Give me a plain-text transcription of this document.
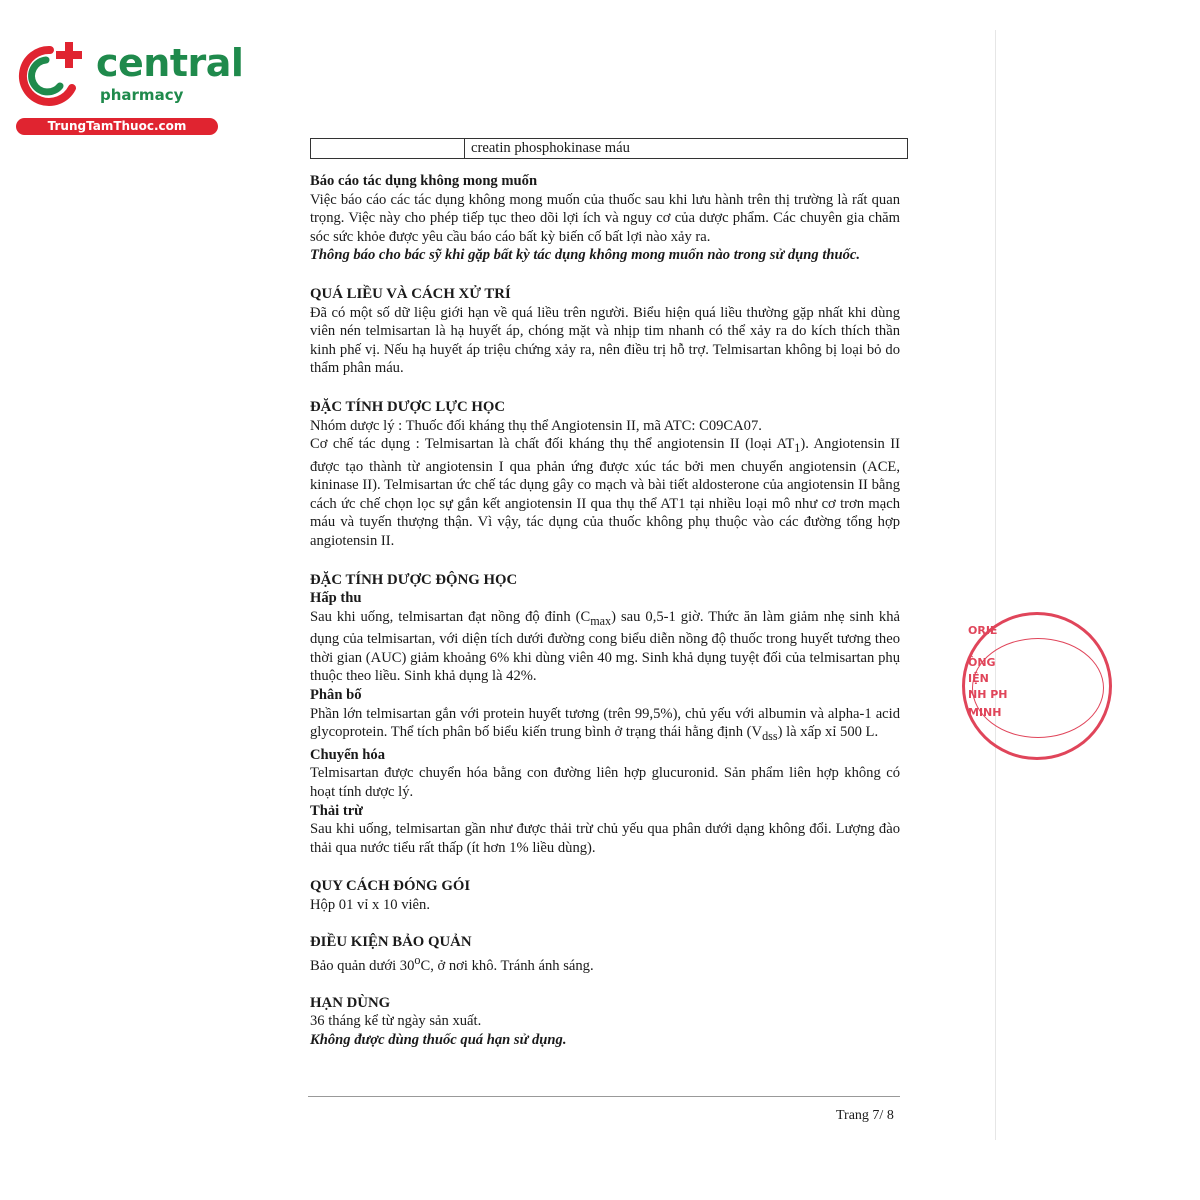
central
pharmacy
TrungTamThuoc.com
	creatin phosphokinase máu
Báo cáo tác dụng không mong muốn

Việc báo cáo các tác dụng không mong muốn của thuốc sau khi lưu hành trên thị trường là rất quan trọng. Việc này cho phép tiếp tục theo dõi lợi ích và nguy cơ của dược phẩm. Các chuyên gia chăm sóc sức khỏe được yêu cầu báo cáo bất kỳ biến cố bất lợi nào xảy ra.

Thông báo cho bác sỹ khi gặp bất kỳ tác dụng không mong muốn nào trong sử dụng thuốc.

QUÁ LIỀU VÀ CÁCH XỬ TRÍ

Đã có một số dữ liệu giới hạn về quá liều trên người. Biểu hiện quá liều thường gặp nhất khi dùng viên nén telmisartan là hạ huyết áp, chóng mặt và nhịp tim nhanh có thể xảy ra do kích thích thần kinh phế vị. Nếu hạ huyết áp triệu chứng xảy ra, nên điều trị hỗ trợ. Telmisartan không bị loại bỏ do thẩm phân máu.

ĐẶC TÍNH DƯỢC LỰC HỌC

Nhóm dược lý : Thuốc đối kháng thụ thể Angiotensin II, mã ATC: C09CA07.

Cơ chế tác dụng : Telmisartan là chất đối kháng thụ thể angiotensin II (loại $AT_1$). Angiotensin II được tạo thành từ angiotensin I qua phản ứng được xúc tác bởi men chuyển angiotensin (ACE, kininase II). Telmisartan ức chế tác dụng gây co mạch và bài tiết aldosterone của angiotensin II bằng cách ức chế chọn lọc sự gắn kết angiotensin II qua thụ thể AT1 tại nhiều loại mô như cơ trơn mạch máu và tuyến thượng thận. Vì vậy, tác dụng của thuốc không phụ thuộc vào các đường tổng hợp angiotensin II.

ĐẶC TÍNH DƯỢC ĐỘNG HỌC
Hấp thu

Sau khi uống, telmisartan đạt nồng độ đỉnh $(C_{max})$ sau 0,5-1 giờ. Thức ăn làm giảm nhẹ sinh khả dụng của telmisartan, với diện tích dưới đường cong biểu diễn nồng độ thuốc trong huyết tương theo thời gian (AUC) giảm khoảng 6% khi dùng viên 40 mg. Sinh khả dụng tuyệt đối của telmisartan phụ thuộc theo liều. Sinh khả dụng là 42%.

Phân bố

Phần lớn telmisartan gắn với protein huyết tương (trên 99,5%), chủ yếu với albumin và alpha-1 acid glycoprotein. Thể tích phân bố biểu kiến trung bình ở trạng thái hằng định $(V_{dss})$ là xấp xỉ 500 L.

Chuyển hóa

Telmisartan được chuyển hóa bằng con đường liên hợp glucuronid. Sản phẩm liên hợp không có hoạt tính dược lý.

Thải trừ

Sau khi uống, telmisartan gần như được thải trừ chủ yếu qua phân dưới dạng không đổi. Lượng đào thải qua nước tiểu rất thấp (ít hơn 1% liều dùng).

QUY CÁCH ĐÓNG GÓI

Hộp 01 vỉ x 10 viên.

ĐIỀU KIỆN BẢO QUẢN

Bảo quản dưới 30$^o$C, ở nơi khô. Tránh ánh sáng.

HẠN DÙNG

36 tháng kể từ ngày sản xuất.

Không được dùng thuốc quá hạn sử dụng.

Trang 7/ 8
ORIE
ÒNG
IỆN
NH PH
MINH
